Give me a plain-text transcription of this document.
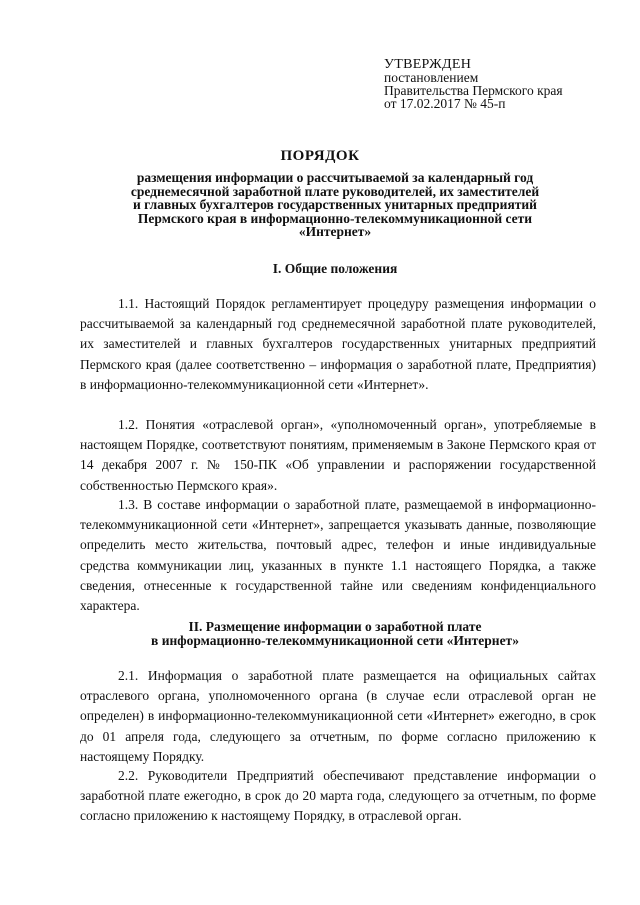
УТВЕРЖДЕН
постановлением
Правительства Пермского края
от 17.02.2017 № 45-п
ПОРЯДОК
размещения информации о рассчитываемой за календарный год
среднемесячной заработной плате руководителей, их заместителей
и главных бухгалтеров государственных унитарных предприятий
Пермского края в информационно-телекоммуникационной сети
«Интернет»
I. Общие положения
1.1. Настоящий Порядок регламентирует процедуру размещения информации о рассчитываемой за календарный год среднемесячной заработной плате руководителей, их заместителей и главных бухгалтеров государственных унитарных предприятий Пермского края (далее соответственно – информация о заработной плате, Предприятия) в информационно-телекоммуникационной сети «Интернет».
1.2. Понятия «отраслевой орган», «уполномоченный орган», употребляемые в настоящем Порядке, соответствуют понятиям, применяемым в Законе Пермского края от 14 декабря 2007 г. № 150-ПК «Об управлении и распоряжении государственной собственностью Пермского края».
1.3. В составе информации о заработной плате, размещаемой в информационно-телекоммуникационной сети «Интернет», запрещается указывать данные, позволяющие определить место жительства, почтовый адрес, телефон и иные индивидуальные средства коммуникации лиц, указанных в пункте 1.1 настоящего Порядка, а также сведения, отнесенные к государственной тайне или сведениям конфиденциального характера.
II. Размещение информации о заработной плате
в информационно-телекоммуникационной сети «Интернет»
2.1. Информация о заработной плате размещается на официальных сайтах отраслевого органа, уполномоченного органа (в случае если отраслевой орган не определен) в информационно-телекоммуникационной сети «Интернет» ежегодно, в срок до 01 апреля года, следующего за отчетным, по форме согласно приложению к настоящему Порядку.
2.2. Руководители Предприятий обеспечивают представление информации о заработной плате ежегодно, в срок до 20 марта года, следующего за отчетным, по форме согласно приложению к настоящему Порядку, в отраслевой орган.
